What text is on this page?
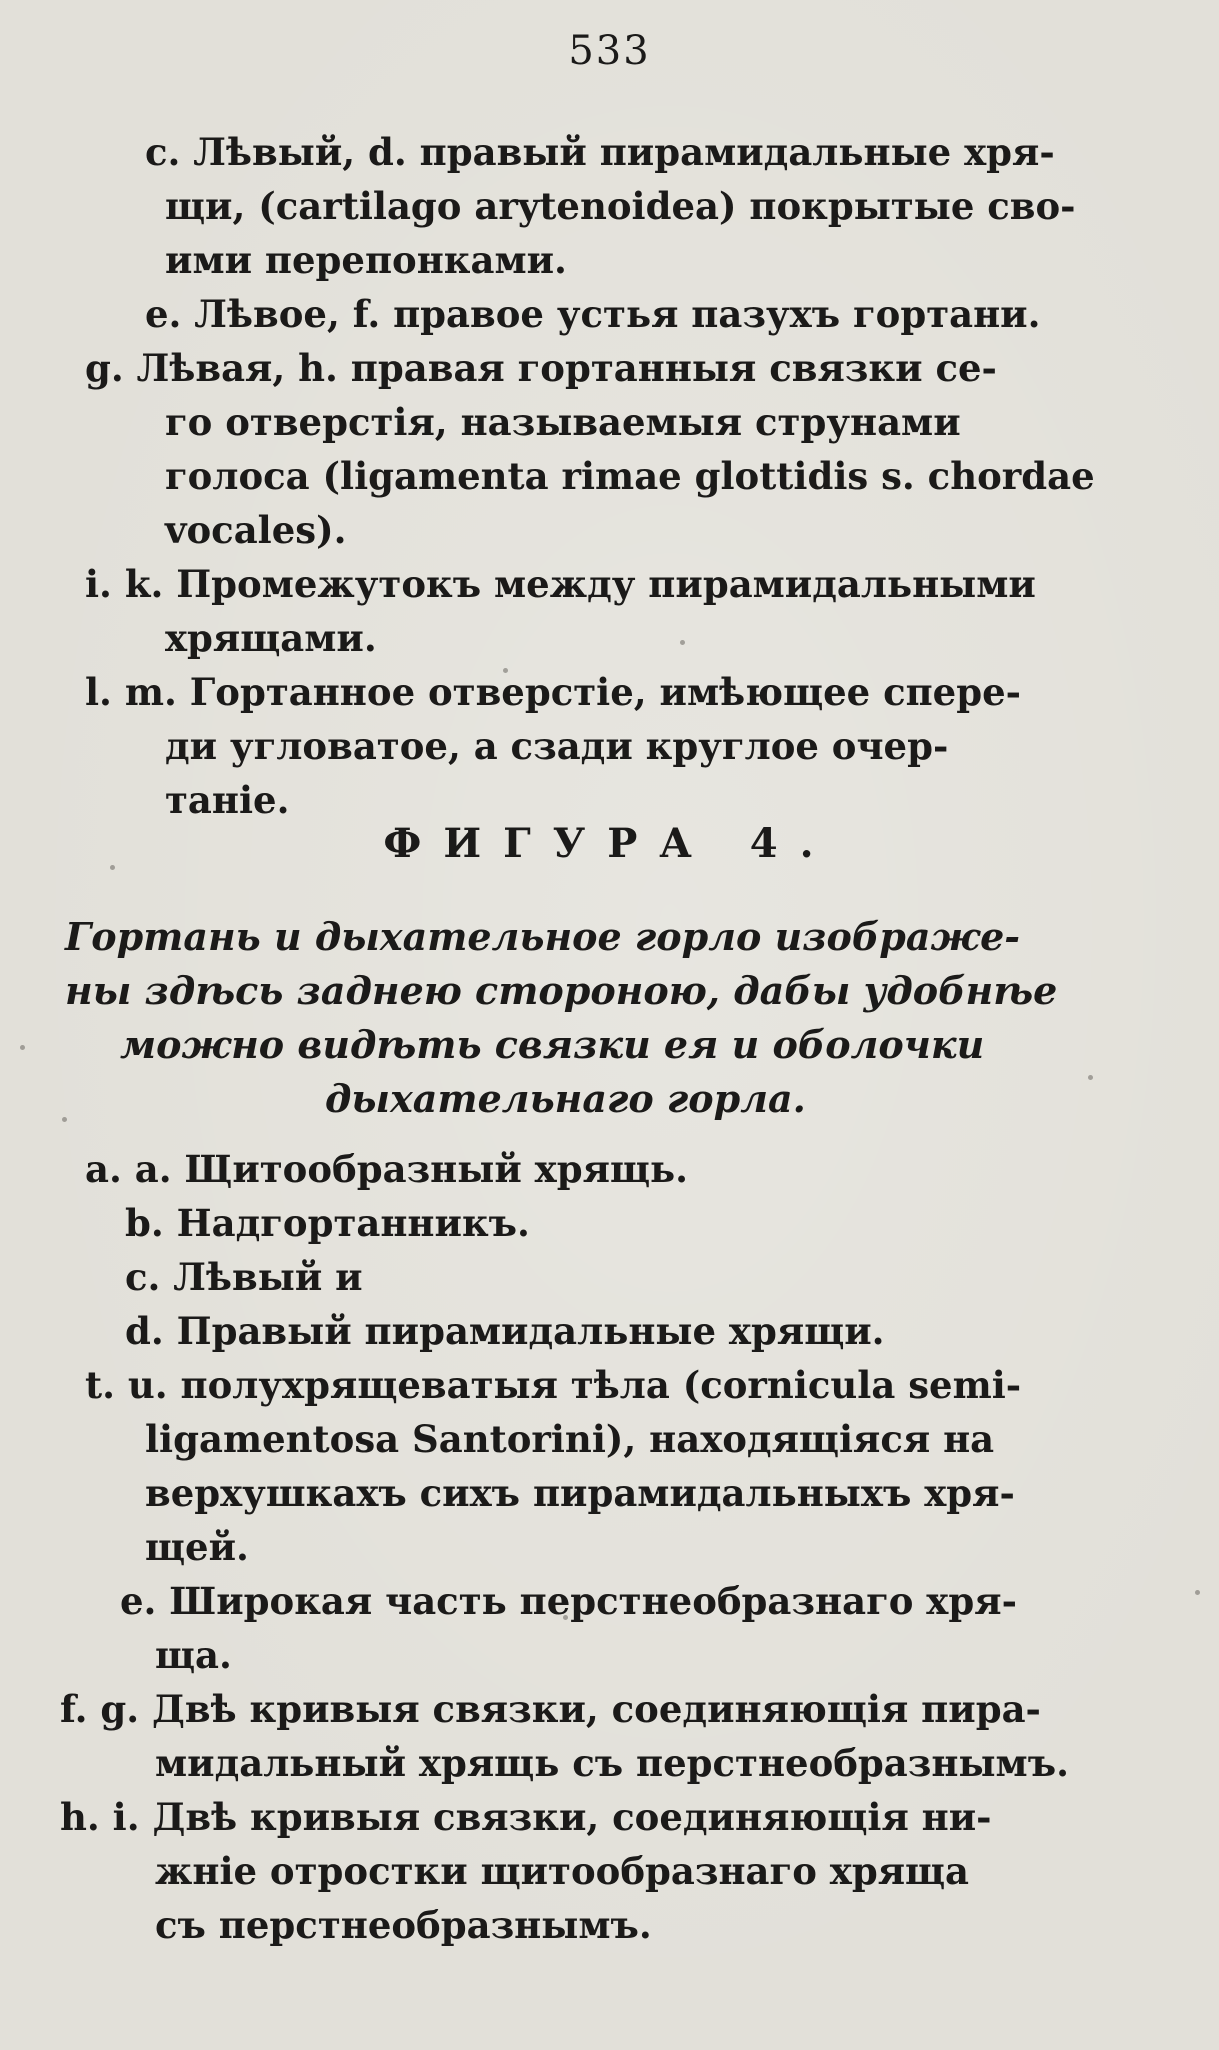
533
c. Лѣвый, d. правый пирамидальные хря-
щи, (cartilago arytenoidea) покрытые сво-
ими перепонками.
e. Лѣвое, f. правое устья пазухъ гортани.
g. Лѣвая, h. правая гортанныя связки се-
го отверстія, называемыя струнами
голоса (ligamenta rimae glottidis s. chordae
vocales).
i. k. Промежутокъ между пирамидальными
хрящами.
l. m. Гортанное отверстіе, имѣющее спере-
ди угловатое, а сзади круглое очер-
таніе.
ФИГУРА 4.
Гортань и дыхательное горло изображе-
ны здѣсь заднею стороною, дабы удобнѣе
можно видѣть связки ея и оболочки
дыхательнаго горла.
a. a. Щитообразный хрящь.
b. Надгортанникъ.
c. Лѣвый и
d. Правый пирамидальные хрящи.
t. u. полухрящеватыя тѣла (cornicula semi-
ligamentosa Santorini), находящіяся на
верхушкахъ сихъ пирамидальныхъ хря-
щей.
e. Широкая часть перстнеобразнаго хря-
ща.
f. g. Двѣ кривыя связки, соединяющія пира-
мидальный хрящь съ перстнеобразнымъ.
h. i. Двѣ кривыя связки, соединяющія ни-
жніе отростки щитообразнаго хряща
съ перстнеобразнымъ.
